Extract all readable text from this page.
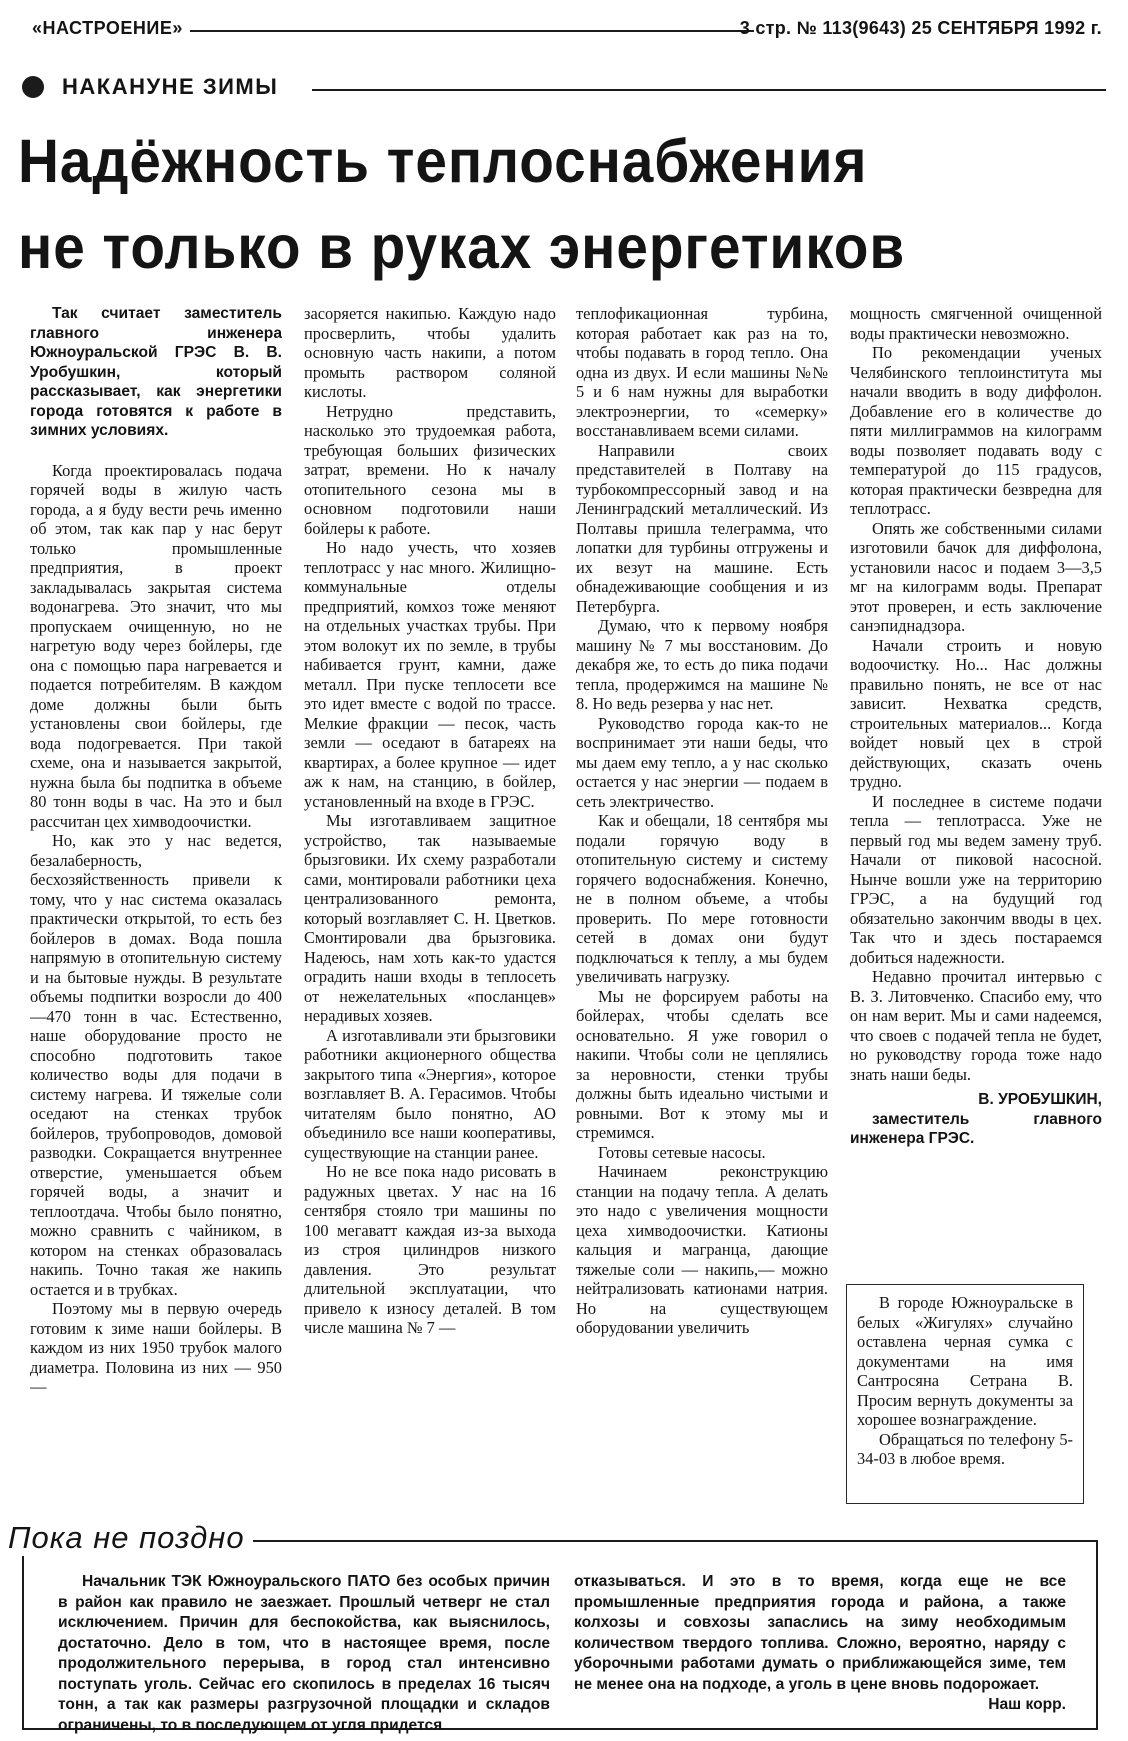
«НАСТРОЕНИЕ»	3 стр. № 113(9643) 25 СЕНТЯБРЯ 1992 г.
НАКАНУНЕ ЗИМЫ
Надёжность теплоснабжения
не только в руках энергетиков

Так считает заместитель главного инженера Южноуральской ГРЭС В. В. Уробушкин, который рассказывает, как энергетики города готовятся к работе в зимних условиях.

Когда проектировалась подача горячей воды в жилую часть города, а я буду вести речь именно об этом, так как пар у нас берут только промышленные предприятия, в проект закладывалась закрытая система водонагрева. Это значит, что мы пропускаем очищенную, но не нагретую воду через бойлеры, где она с помощью пара нагревается и подается потребителям. В каждом доме должны были быть установлены свои бойлеры, где вода подогревается. При такой схеме, она и называется закрытой, нужна была бы подпитка в объеме 80 тонн воды в час. На это и был рассчитан цех химводоочистки.

Но, как это у нас ведется, безалаберность, бесхозяйственность привели к тому, что у нас система оказалась практически открытой, то есть без бойлеров в домах. Вода пошла напрямую в отопительную систему и на бытовые нужды. В результате объемы подпитки возросли до 400—470 тонн в час. Естественно, наше оборудование просто не способно подготовить такое количество воды для подачи в систему нагрева. И тяжелые соли оседают на стенках трубок бойлеров, трубопроводов, домовой разводки. Сокращается внутреннее отверстие, уменьшается объем горячей воды, а значит и теплоотдача. Чтобы было понятно, можно сравнить с чайником, в котором на стенках образовалась накипь. Точно такая же накипь остается и в трубках.

Поэтому мы в первую очередь готовим к зиме наши бойлеры. В каждом из них 1950 трубок малого диаметра. Половина из них — 950 —

засоряется накипью. Каждую надо просверлить, чтобы удалить основную часть накипи, а потом промыть раствором соляной кислоты.

Нетрудно представить, насколько это трудоемкая работа, требующая больших физических затрат, времени. Но к началу отопительного сезона мы в основном подготовили наши бойлеры к работе.

Но надо учесть, что хозяев теплотрасс у нас много. Жилищно-коммунальные отделы предприятий, комхоз тоже меняют на отдельных участках трубы. При этом волокут их по земле, в трубы набивается грунт, камни, даже металл. При пуске теплосети все это идет вместе с водой по трассе. Мелкие фракции — песок, часть земли — оседают в батареях на квартирах, а более крупное — идет аж к нам, на станцию, в бойлер, установленный на входе в ГРЭС.

Мы изготавливаем защитное устройство, так называемые брызговики. Их схему разработали сами, монтировали работники цеха централизованного ремонта, который возглавляет С. Н. Цветков. Смонтировали два брызговика. Надеюсь, нам хоть как-то удастся оградить наши входы в теплосеть от нежелательных «посланцев» нерадивых хозяев.

А изготавливали эти брызговики работники акционерного общества закрытого типа «Энергия», которое возглавляет В. А. Герасимов. Чтобы читателям было понятно, АО объединило все наши кооперативы, существующие на станции ранее.

Но не все пока надо рисовать в радужных цветах. У нас на 16 сентября стояло три машины по 100 мегаватт каждая из-за выхода из строя цилиндров низкого давления. Это результат длительной эксплуатации, что привело к износу деталей. В том числе машина № 7 —

теплофикационная турбина, которая работает как раз на то, чтобы подавать в город тепло. Она одна из двух. И если машины №№ 5 и 6 нам нужны для выработки электроэнергии, то «семерку» восстанавливаем всеми силами.

Направили своих представителей в Полтаву на турбокомпрессорный завод и на Ленинградский металлический. Из Полтавы пришла телеграмма, что лопатки для турбины отгружены и их везут на машине. Есть обнадеживающие сообщения и из Петербурга.

Думаю, что к первому ноября машину № 7 мы восстановим. До декабря же, то есть до пика подачи тепла, продержимся на машине № 8. Но ведь резерва у нас нет.

Руководство города как-то не воспринимает эти наши беды, что мы даем ему тепло, а у нас сколько остается у нас энергии — подаем в сеть электричество.

Как и обещали, 18 сентября мы подали горячую воду в отопительную систему и систему горячего водоснабжения. Конечно, не в полном объеме, а чтобы проверить. По мере готовности сетей в домах они будут подключаться к теплу, а мы будем увеличивать нагрузку.

Мы не форсируем работы на бойлерах, чтобы сделать все основательно. Я уже говорил о накипи. Чтобы соли не цеплялись за неровности, стенки трубы должны быть идеально чистыми и ровными. Вот к этому мы и стремимся.

Готовы сетевые насосы.

Начинаем реконструкцию станции на подачу тепла. А делать это надо с увеличения мощности цеха химводоочистки. Катионы кальция и магранца, дающие тяжелые соли — накипь,— можно нейтрализовать катионами натрия. Но на существующем оборудовании увеличить

мощность смягченной очищенной воды практически невозможно.

По рекомендации ученых Челябинского теплоинститута мы начали вводить в воду диффолон. Добавление его в количестве до пяти миллиграммов на килограмм воды позволяет подавать воду с температурой до 115 градусов, которая практически безвредна для теплотрасс.

Опять же собственными силами изготовили бачок для диффолона, установили насос и подаем 3—3,5 мг на килограмм воды. Препарат этот проверен, и есть заключение санэпиднадзора.

Начали строить и новую водоочистку. Но... Нас должны правильно понять, не все от нас зависит. Нехватка средств, строительных материалов... Когда войдет новый цех в строй действующих, сказать очень трудно.

И последнее в системе подачи тепла — теплотрасса. Уже не первый год мы ведем замену труб. Начали от пиковой насосной. Нынче вошли уже на территорию ГРЭС, а на будущий год обязательно закончим вводы в цех. Так что и здесь постараемся добиться надежности.

Недавно прочитал интервью с В. З. Литовченко. Спасибо ему, что он нам верит. Мы и сами надеемся, что своев с подачей тепла не будет, но руководству города тоже надо знать наши беды.

В. УРОБУШКИН,
заместитель главного инженера ГРЭС.

В городе Южноуральске в белых «Жигулях» случайно оставлена черная сумка с документами на имя Сантросяна Сетрана В. Просим вернуть документы за хорошее вознаграждение.

Обращаться по телефону 5-34-03 в любое время.

Пока не поздно

Начальник ТЭК Южноуральского ПАТО без особых причин в район как правило не заезжает. Прошлый четверг не стал исключением. Причин для беспокойства, как выяснилось, достаточно. Дело в том, что в настоящее время, после продолжительного перерыва, в город стал интенсивно поступать уголь. Сейчас его скопилось в пределах 16 тысяч тонн, а так как размеры разгрузочной площадки и складов ограничены, то в последующем от угля придется

отказываться. И это в то время, когда еще не все промышленные предприятия города и района, а также колхозы и совхозы запаслись на зиму необходимым количеством твердого топлива. Сложно, вероятно, наряду с уборочными работами думать о приближающейся зиме, тем не менее она на подходе, а уголь в цене вновь подорожает.

Наш корр.
